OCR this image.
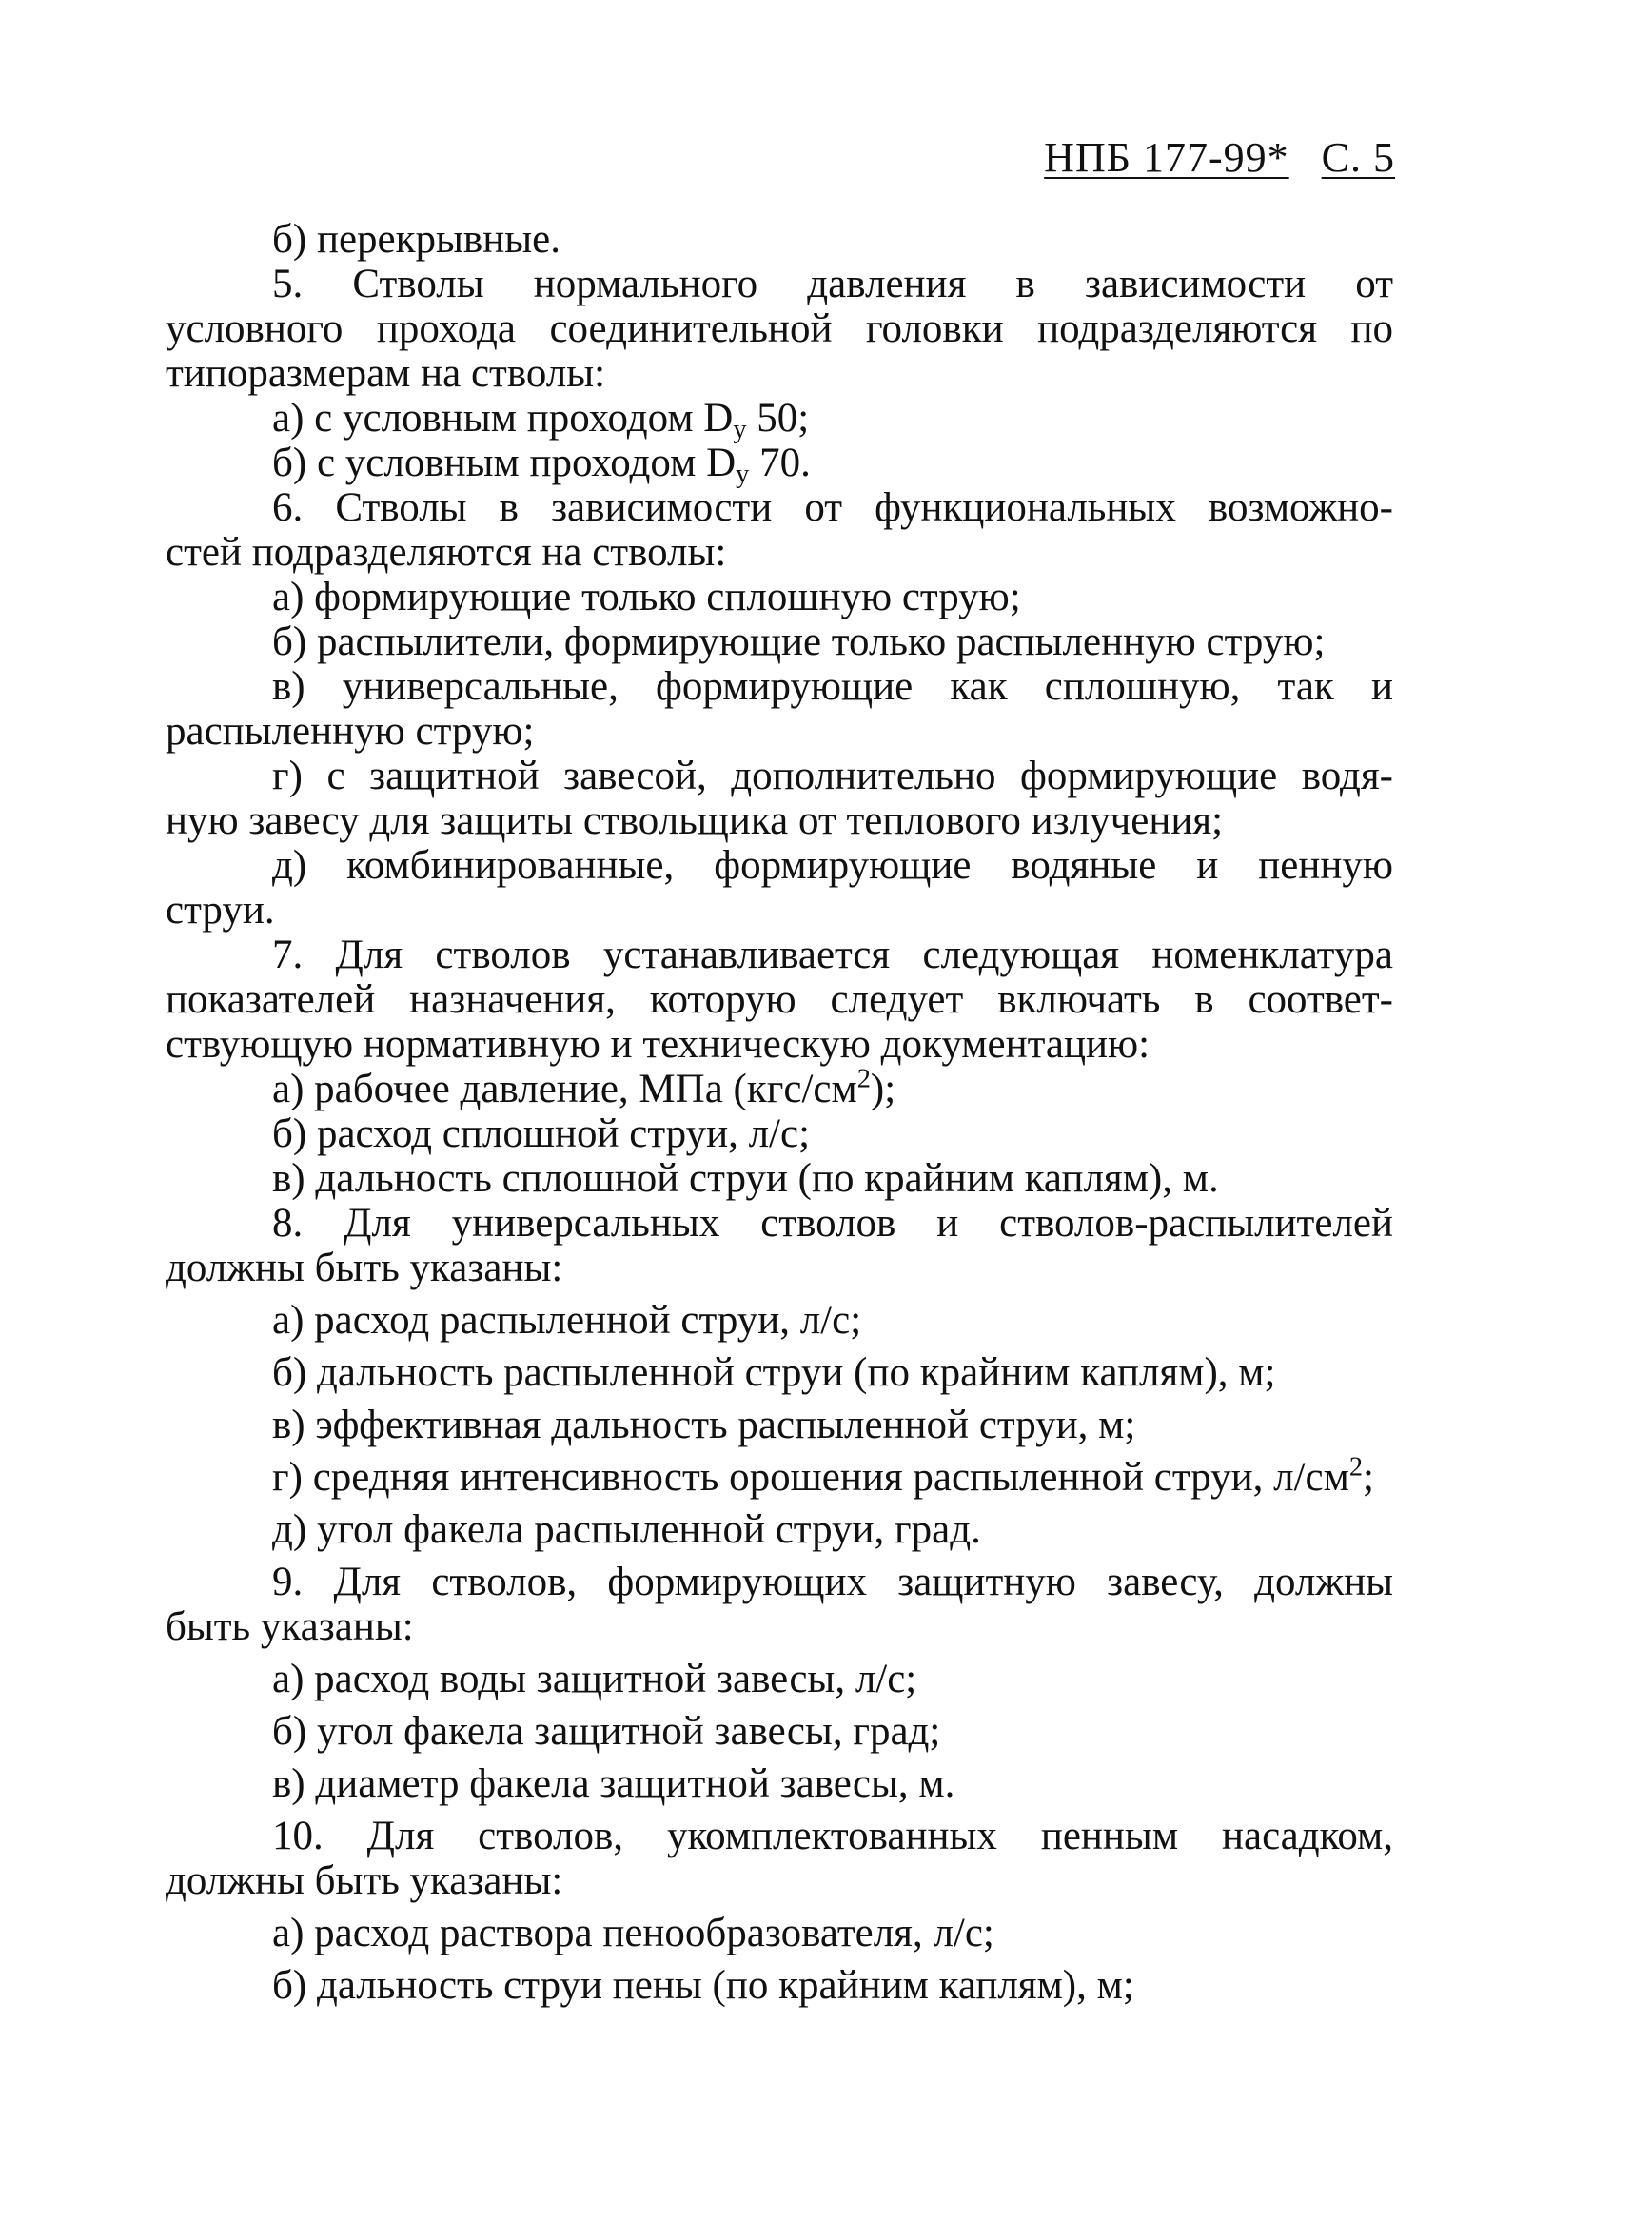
НПБ 177-99* С. 5
б) перекрывные.
5. Стволы нормального давления в зависимости от
условного прохода соединительной головки подразделяются по
типоразмерам на стволы:
а) с условным проходом $D_у$ 50;
б) с условным проходом $D_у$ 70.
6. Стволы в зависимости от функциональных возможно-
стей подразделяются на стволы:
а) формирующие только сплошную струю;
б) распылители, формирующие только распыленную струю;
в) универсальные, формирующие как сплошную, так и
распыленную струю;
г) с защитной завесой, дополнительно формирующие водя-
ную завесу для защиты ствольщика от теплового излучения;
д) комбинированные, формирующие водяные и пенную
струи.
7. Для стволов устанавливается следующая номенклатура
показателей назначения, которую следует включать в соответ-
ствующую нормативную и техническую документацию:
а) рабочее давление, МПа $(кгс/см^2)$;
б) расход сплошной струи, л/с;
в) дальность сплошной струи (по крайним каплям), м.
8. Для универсальных стволов и стволов-распылителей
должны быть указаны:
а) расход распыленной струи, л/с;
б) дальность распыленной струи (по крайним каплям), м;
в) эффективная дальность распыленной струи, м;
г) средняя интенсивность орошения распыленной струи, $л/см^2$;
д) угол факела распыленной струи, град.
9. Для стволов, формирующих защитную завесу, должны
быть указаны:
а) расход воды защитной завесы, л/с;
б) угол факела защитной завесы, град;
в) диаметр факела защитной завесы, м.
10. Для стволов, укомплектованных пенным насадком,
должны быть указаны:
а) расход раствора пенообразователя, л/с;
б) дальность струи пены (по крайним каплям), м;
